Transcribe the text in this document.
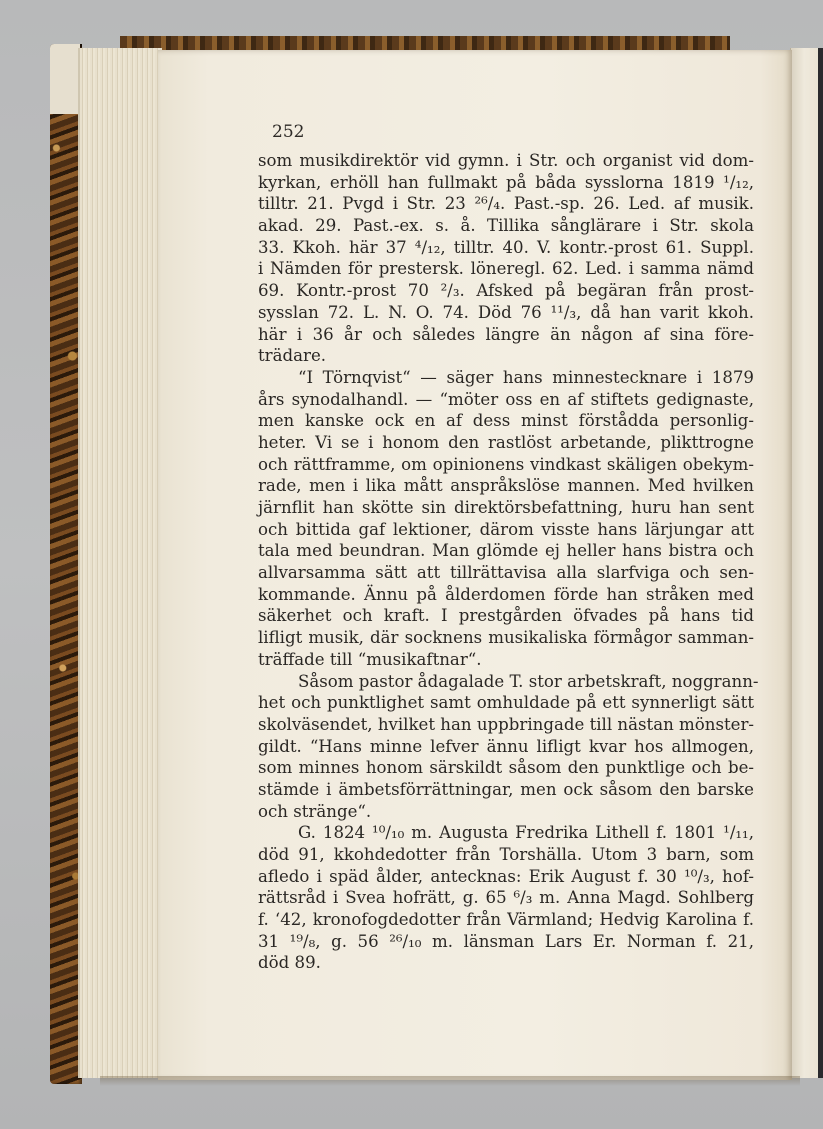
252

som musikdirektör vid gymn. i Str. och organist vid dom-
kyrkan, erhöll han fullmakt på båda sysslorna 1819 ¹/₁₂,
tilltr. 21. Pvgd i Str. 23 ²⁶/₄. Past.-sp. 26. Led. af musik.
akad. 29. Past.-ex. s. å. Tillika sånglärare i Str. skola
33. Kkoh. här 37 ⁴/₁₂, tilltr. 40. V. kontr.-prost 61. Suppl.
i Nämden för prestersk. löneregl. 62. Led. i samma nämd
69. Kontr.-prost 70 ²/₃. Afsked på begäran från prost-
sysslan 72. L. N. O. 74. Död 76 ¹¹/₃, då han varit kkoh.
här i 36 år och således längre än någon af sina före-
trädare.
“I Törnqvist“ — säger hans minnestecknare i 1879
års synodalhandl. — “möter oss en af stiftets gedignaste,
men kanske ock en af dess minst förstådda personlig-
heter. Vi se i honom den rastlöst arbetande, plikttrogne
och rättframme, om opinionens vindkast skäligen obekym-
rade, men i lika mått anspråkslöse mannen. Med hvilken
järnflit han skötte sin direktörsbefattning, huru han sent
och bittida gaf lektioner, därom visste hans lärjungar att
tala med beundran. Man glömde ej heller hans bistra och
allvarsamma sätt att tillrättavisa alla slarfviga och sen-
kommande. Ännu på ålderdomen förde han stråken med
säkerhet och kraft. I prestgården öfvades på hans tid
lifligt musik, där socknens musikaliska förmågor samman-
träffade till “musikaftnar“.
Såsom pastor ådagalade T. stor arbetskraft, noggrann-
het och punktlighet samt omhuldade på ett synnerligt sätt
skolväsendet, hvilket han uppbringade till nästan mönster-
gildt. “Hans minne lefver ännu lifligt kvar hos allmogen,
som minnes honom särskildt såsom den punktlige och be-
stämde i ämbetsförrättningar, men ock såsom den barske
och stränge“.
G. 1824 ¹⁰/₁₀ m. Augusta Fredrika Lithell f. 1801 ¹/₁₁,
död 91, kkohdedotter från Torshälla. Utom 3 barn, som
afledo i späd ålder, antecknas: Erik August f. 30 ¹⁰/₃, hof-
rättsråd i Svea hofrätt, g. 65 ⁶/₃ m. Anna Magd. Sohlberg
f. ‘42, kronofogdedotter från Värmland; Hedvig Karolina f.
31 ¹⁹/₈, g. 56 ²⁶/₁₀ m. länsman Lars Er. Norman f. 21,
död 89.
